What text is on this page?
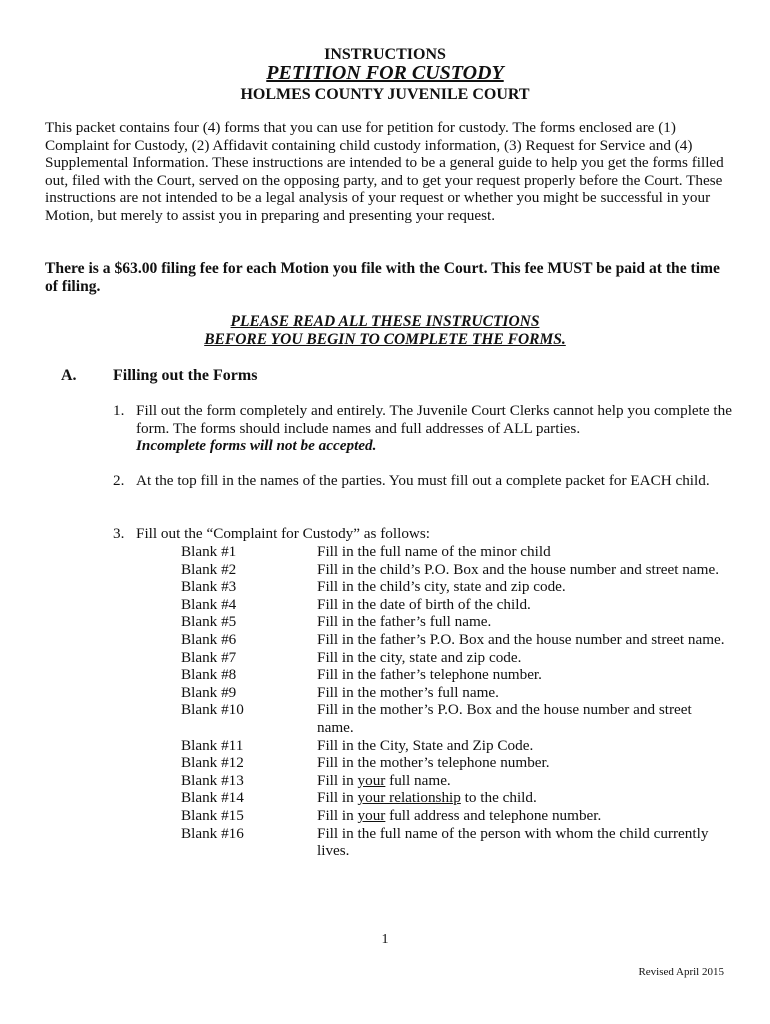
INSTRUCTIONS
PETITION FOR CUSTODY
HOLMES COUNTY JUVENILE COURT
This packet contains four (4) forms that you can use for petition for custody. The forms enclosed are (1) Complaint for Custody, (2) Affidavit containing child custody information, (3) Request for Service and (4) Supplemental Information. These instructions are intended to be a general guide to help you get the forms filled out, filed with the Court, served on the opposing party, and to get your request properly before the Court. These instructions are not intended to be a legal analysis of your request or whether you might be successful in your Motion, but merely to assist you in preparing and presenting your request.
There is a $63.00 filing fee for each Motion you file with the Court. This fee MUST be paid at the time of filing.
PLEASE READ ALL THESE INSTRUCTIONS
BEFORE YOU BEGIN TO COMPLETE THE FORMS.
A. Filling out the Forms
1. Fill out the form completely and entirely. The Juvenile Court Clerks cannot help you complete the form. The forms should include names and full addresses of ALL parties.
Incomplete forms will not be accepted.
2. At the top fill in the names of the parties. You must fill out a complete packet for EACH child.
3. Fill out the “Complaint for Custody” as follows:
Blank #1	Fill in the full name of the minor child
Blank #2	Fill in the child’s P.O. Box and the house number and street name.
Blank #3	Fill in the child’s city, state and zip code.
Blank #4	Fill in the date of birth of the child.
Blank #5	Fill in the father’s full name.
Blank #6	Fill in the father’s P.O. Box and the house number and street name.
Blank #7	Fill in the city, state and zip code.
Blank #8	Fill in the father’s telephone number.
Blank #9	Fill in the mother’s full name.
Blank #10	Fill in the mother’s P.O. Box and the house number and street name.
Blank #11	Fill in the City, State and Zip Code.
Blank #12	Fill in the mother’s telephone number.
Blank #13	Fill in your full name.
Blank #14	Fill in your relationship to the child.
Blank #15	Fill in your full address and telephone number.
Blank #16	Fill in the full name of the person with whom the child currently lives.
1
Revised April 2015
